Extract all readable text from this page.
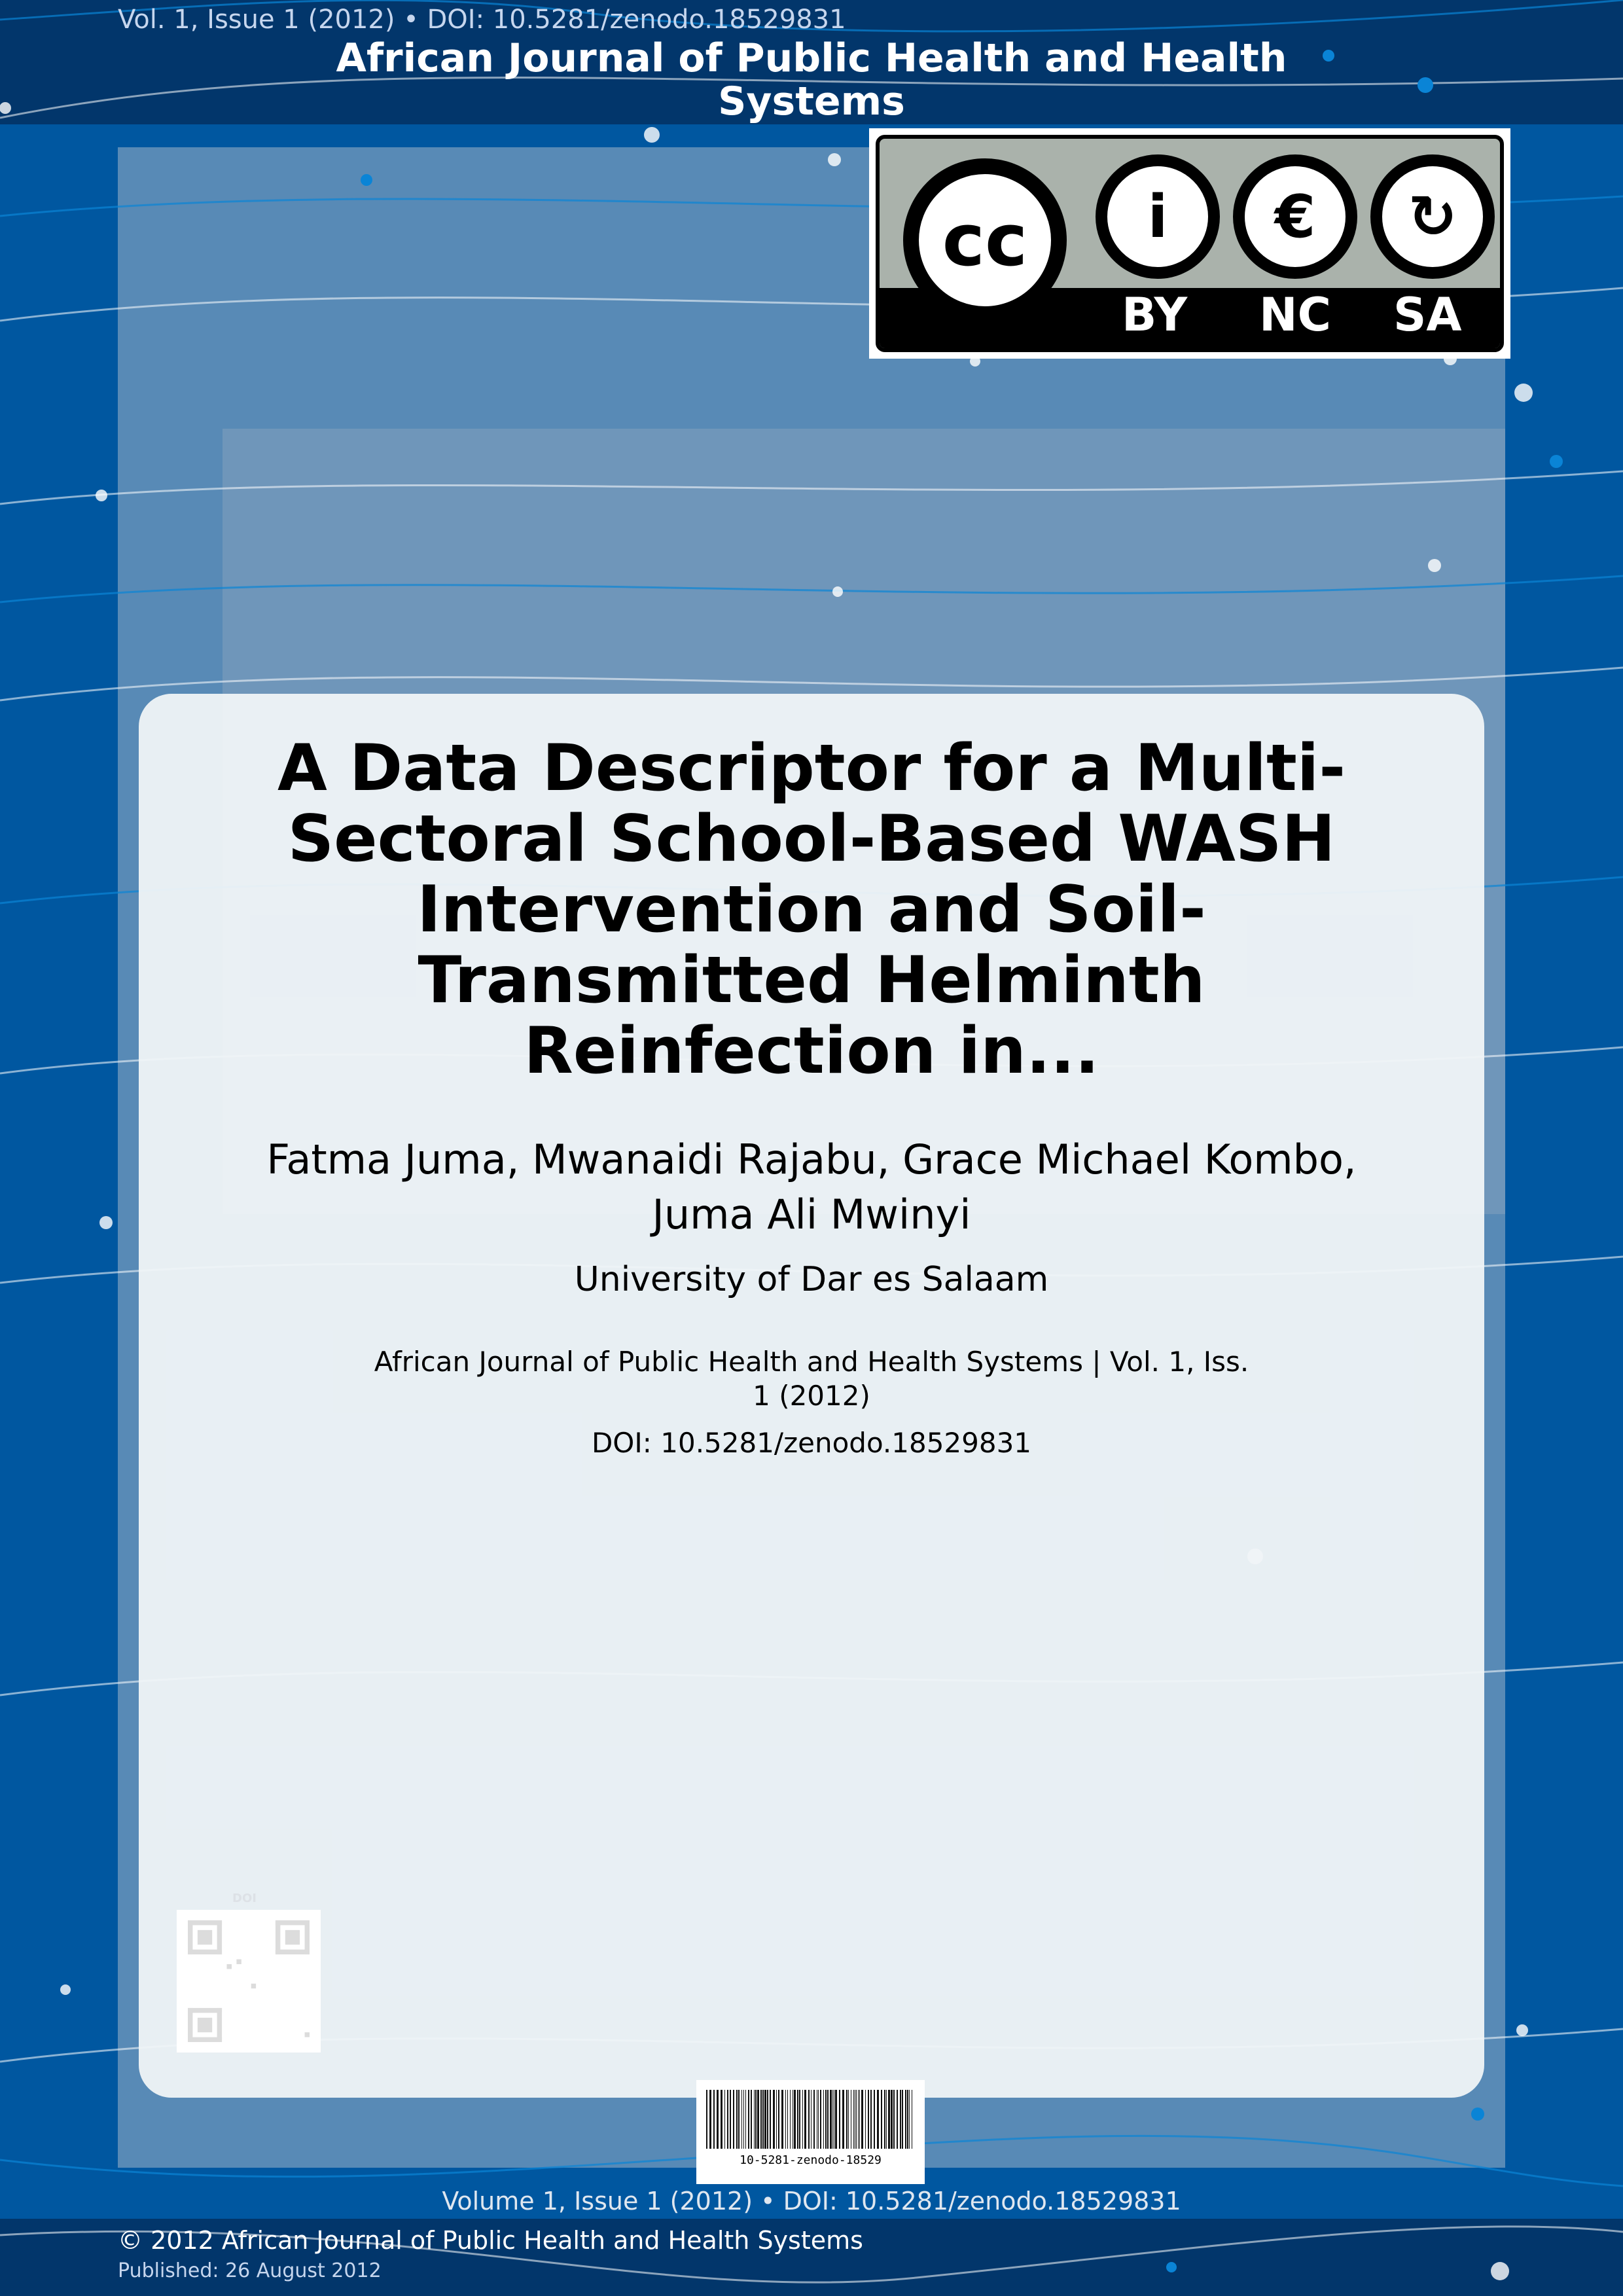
African Journal of Public Health and Health Systems
Vol. 1, Issue 1 (2012) • DOI: 10.5281/zenodo.18529831
cc	i	€	↻
BY NC SA
A Data Descriptor for a Multi-Sectoral School-Based WASH Intervention and Soil-Transmitted Helminth Reinfection in...
Fatma Juma, Mwanaidi Rajabu, Grace Michael Kombo, Juma Ali Mwinyi
University of Dar es Salaam
African Journal of Public Health and Health Systems | Vol. 1, Iss. 1 (2012)
DOI: 10.5281/zenodo.18529831
DOI
10-5281-zenodo-18529
Volume 1, Issue 1 (2012) • DOI: 10.5281/zenodo.18529831
© 2012 African Journal of Public Health and Health Systems
Published: 26 August 2012
